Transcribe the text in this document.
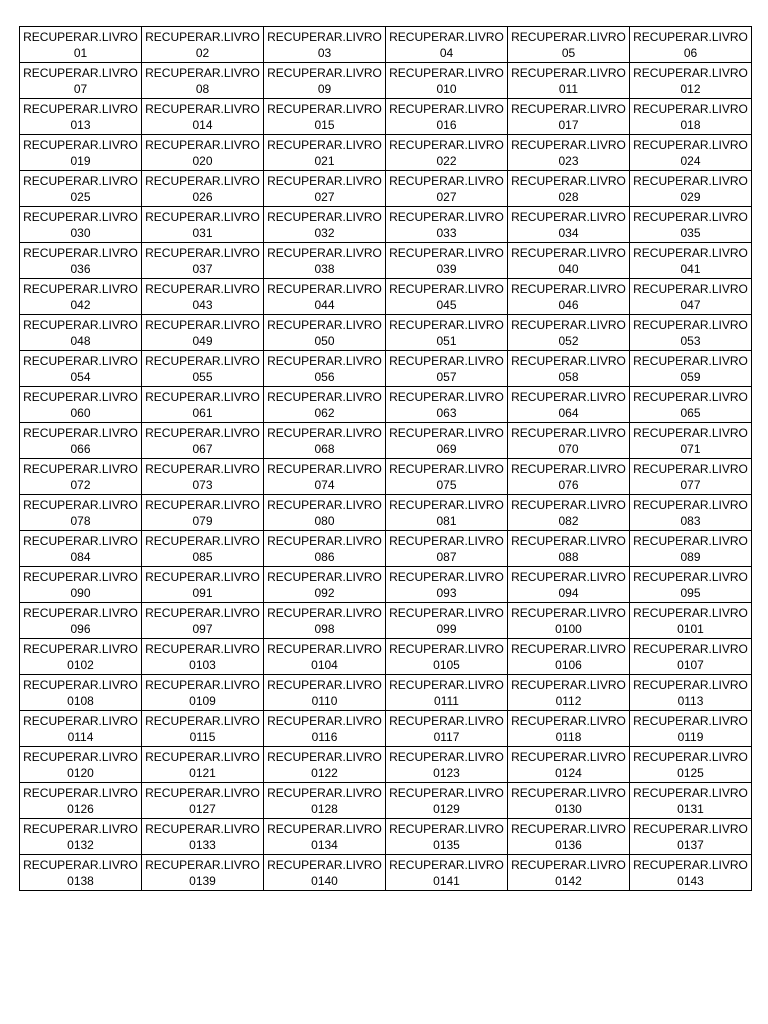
RECUPERAR.LIVRO
01	RECUPERAR.LIVRO
02	RECUPERAR.LIVRO
03	RECUPERAR.LIVRO
04	RECUPERAR.LIVRO
05	RECUPERAR.LIVRO
06

RECUPERAR.LIVRO
07	RECUPERAR.LIVRO
08	RECUPERAR.LIVRO
09	RECUPERAR.LIVRO
010	RECUPERAR.LIVRO
011	RECUPERAR.LIVRO
012

RECUPERAR.LIVRO
013	RECUPERAR.LIVRO
014	RECUPERAR.LIVRO
015	RECUPERAR.LIVRO
016	RECUPERAR.LIVRO
017	RECUPERAR.LIVRO
018

RECUPERAR.LIVRO
019	RECUPERAR.LIVRO
020	RECUPERAR.LIVRO
021	RECUPERAR.LIVRO
022	RECUPERAR.LIVRO
023	RECUPERAR.LIVRO
024

RECUPERAR.LIVRO
025	RECUPERAR.LIVRO
026	RECUPERAR.LIVRO
027	RECUPERAR.LIVRO
027	RECUPERAR.LIVRO
028	RECUPERAR.LIVRO
029

RECUPERAR.LIVRO
030	RECUPERAR.LIVRO
031	RECUPERAR.LIVRO
032	RECUPERAR.LIVRO
033	RECUPERAR.LIVRO
034	RECUPERAR.LIVRO
035

RECUPERAR.LIVRO
036	RECUPERAR.LIVRO
037	RECUPERAR.LIVRO
038	RECUPERAR.LIVRO
039	RECUPERAR.LIVRO
040	RECUPERAR.LIVRO
041

RECUPERAR.LIVRO
042	RECUPERAR.LIVRO
043	RECUPERAR.LIVRO
044	RECUPERAR.LIVRO
045	RECUPERAR.LIVRO
046	RECUPERAR.LIVRO
047

RECUPERAR.LIVRO
048	RECUPERAR.LIVRO
049	RECUPERAR.LIVRO
050	RECUPERAR.LIVRO
051	RECUPERAR.LIVRO
052	RECUPERAR.LIVRO
053

RECUPERAR.LIVRO
054	RECUPERAR.LIVRO
055	RECUPERAR.LIVRO
056	RECUPERAR.LIVRO
057	RECUPERAR.LIVRO
058	RECUPERAR.LIVRO
059

RECUPERAR.LIVRO
060	RECUPERAR.LIVRO
061	RECUPERAR.LIVRO
062	RECUPERAR.LIVRO
063	RECUPERAR.LIVRO
064	RECUPERAR.LIVRO
065

RECUPERAR.LIVRO
066	RECUPERAR.LIVRO
067	RECUPERAR.LIVRO
068	RECUPERAR.LIVRO
069	RECUPERAR.LIVRO
070	RECUPERAR.LIVRO
071

RECUPERAR.LIVRO
072	RECUPERAR.LIVRO
073	RECUPERAR.LIVRO
074	RECUPERAR.LIVRO
075	RECUPERAR.LIVRO
076	RECUPERAR.LIVRO
077

RECUPERAR.LIVRO
078	RECUPERAR.LIVRO
079	RECUPERAR.LIVRO
080	RECUPERAR.LIVRO
081	RECUPERAR.LIVRO
082	RECUPERAR.LIVRO
083

RECUPERAR.LIVRO
084	RECUPERAR.LIVRO
085	RECUPERAR.LIVRO
086	RECUPERAR.LIVRO
087	RECUPERAR.LIVRO
088	RECUPERAR.LIVRO
089

RECUPERAR.LIVRO
090	RECUPERAR.LIVRO
091	RECUPERAR.LIVRO
092	RECUPERAR.LIVRO
093	RECUPERAR.LIVRO
094	RECUPERAR.LIVRO
095

RECUPERAR.LIVRO
096	RECUPERAR.LIVRO
097	RECUPERAR.LIVRO
098	RECUPERAR.LIVRO
099	RECUPERAR.LIVRO
0100	RECUPERAR.LIVRO
0101

RECUPERAR.LIVRO
0102	RECUPERAR.LIVRO
0103	RECUPERAR.LIVRO
0104	RECUPERAR.LIVRO
0105	RECUPERAR.LIVRO
0106	RECUPERAR.LIVRO
0107

RECUPERAR.LIVRO
0108	RECUPERAR.LIVRO
0109	RECUPERAR.LIVRO
0110	RECUPERAR.LIVRO
0111	RECUPERAR.LIVRO
0112	RECUPERAR.LIVRO
0113

RECUPERAR.LIVRO
0114	RECUPERAR.LIVRO
0115	RECUPERAR.LIVRO
0116	RECUPERAR.LIVRO
0117	RECUPERAR.LIVRO
0118	RECUPERAR.LIVRO
0119

RECUPERAR.LIVRO
0120	RECUPERAR.LIVRO
0121	RECUPERAR.LIVRO
0122	RECUPERAR.LIVRO
0123	RECUPERAR.LIVRO
0124	RECUPERAR.LIVRO
0125

RECUPERAR.LIVRO
0126	RECUPERAR.LIVRO
0127	RECUPERAR.LIVRO
0128	RECUPERAR.LIVRO
0129	RECUPERAR.LIVRO
0130	RECUPERAR.LIVRO
0131

RECUPERAR.LIVRO
0132	RECUPERAR.LIVRO
0133	RECUPERAR.LIVRO
0134	RECUPERAR.LIVRO
0135	RECUPERAR.LIVRO
0136	RECUPERAR.LIVRO
0137

RECUPERAR.LIVRO
0138	RECUPERAR.LIVRO
0139	RECUPERAR.LIVRO
0140	RECUPERAR.LIVRO
0141	RECUPERAR.LIVRO
0142	RECUPERAR.LIVRO
0143
